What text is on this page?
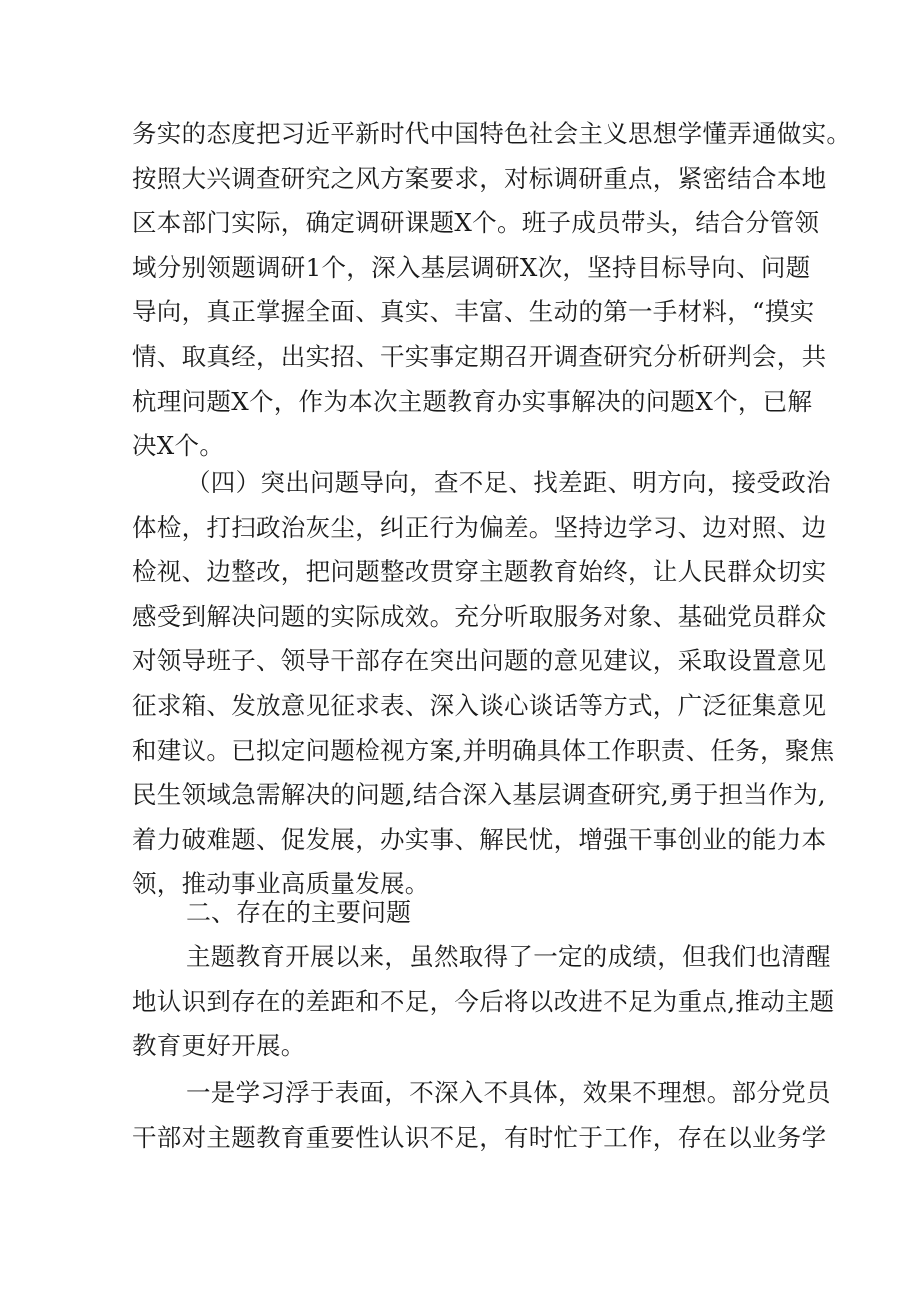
务实的态度把习近平新时代中国特色社会主义思想学懂弄通做实。
按照大兴调查研究之风方案要求，对标调研重点，紧密结合本地
区本部门实际，确定调研课题X个。班子成员带头，结合分管领
域分别领题调研1个，深入基层调研X次，坚持目标导向、问题
导向，真正掌握全面、真实、丰富、生动的第一手材料，“摸实
情、取真经，出实招、干实事定期召开调查研究分析研判会，共
杭理问题X个，作为本次主题教育办实事解决的问题X个，已解
决X个。
（四）突出问题导向，查不足、找差距、明方向，接受政治
体检，打扫政治灰尘，纠正行为偏差。坚持边学习、边对照、边
检视、边整改，把问题整改贯穿主题教育始终，让人民群众切实
感受到解决问题的实际成效。充分听取服务对象、基础党员群众
对领导班子、领导干部存在突出问题的意见建议，采取设置意见
征求箱、发放意见征求表、深入谈心谈话等方式，广泛征集意见
和建议。已拟定问题检视方案,并明确具体工作职责、任务，聚焦
民生领域急需解决的问题,结合深入基层调查研究,勇于担当作为,
着力破难题、促发展，办实事、解民忧，增强干事创业的能力本
领，推动事业高质量发展。
二、存在的主要问题
主题教育开展以来，虽然取得了一定的成绩，但我们也清醒
地认识到存在的差距和不足，今后将以改进不足为重点,推动主题
教育更好开展。
一是学习浮于表面，不深入不具体，效果不理想。部分党员
干部对主题教育重要性认识不足，有时忙于工作，存在以业务学
